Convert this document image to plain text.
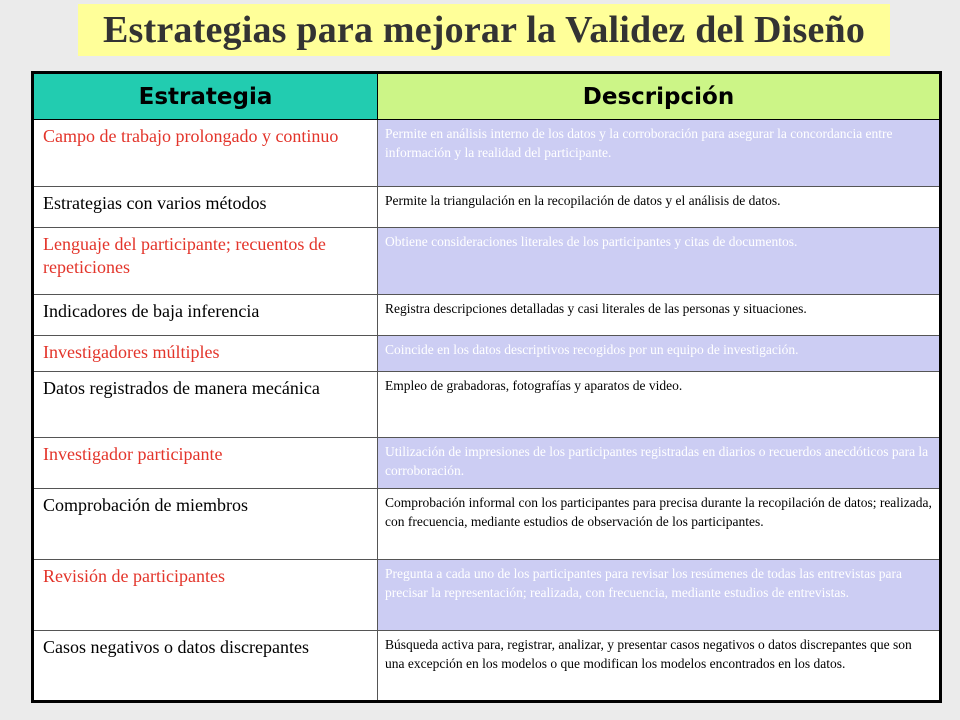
Estrategias para mejorar la Validez del Diseño
Estrategia	Descripción
Campo de trabajo prolongado y continuo	Permite en análisis interno de los datos y la corroboración para asegurar la concordancia entre información y la realidad del participante.
Estrategias con varios métodos	Permite la triangulación en la recopilación de datos y el análisis de datos.
Lenguaje del participante; recuentos de repeticiones	Obtiene consideraciones literales de los participantes y citas de documentos.
Indicadores de baja inferencia	Registra descripciones detalladas y casi literales de las personas y situaciones.
Investigadores múltiples	Coincide en los datos descriptivos recogidos por un equipo de investigación.
Datos registrados de manera mecánica	Empleo de grabadoras, fotografías y aparatos de video.
Investigador participante	Utilización de impresiones de los participantes registradas en diarios o recuerdos anecdóticos para la corroboración.
Comprobación de miembros	Comprobación informal con los participantes para precisa durante la recopilación de datos; realizada, con frecuencia, mediante estudios de observación de los participantes.
Revisión de participantes	Pregunta a cada uno de los participantes para revisar los resúmenes de todas las entrevistas para precisar la representación; realizada, con frecuencia, mediante estudios de entrevistas.
Casos negativos o datos discrepantes	Búsqueda activa para, registrar, analizar, y presentar casos negativos o datos discrepantes que son una excepción en los modelos o que modifican los modelos encontrados en los datos.
